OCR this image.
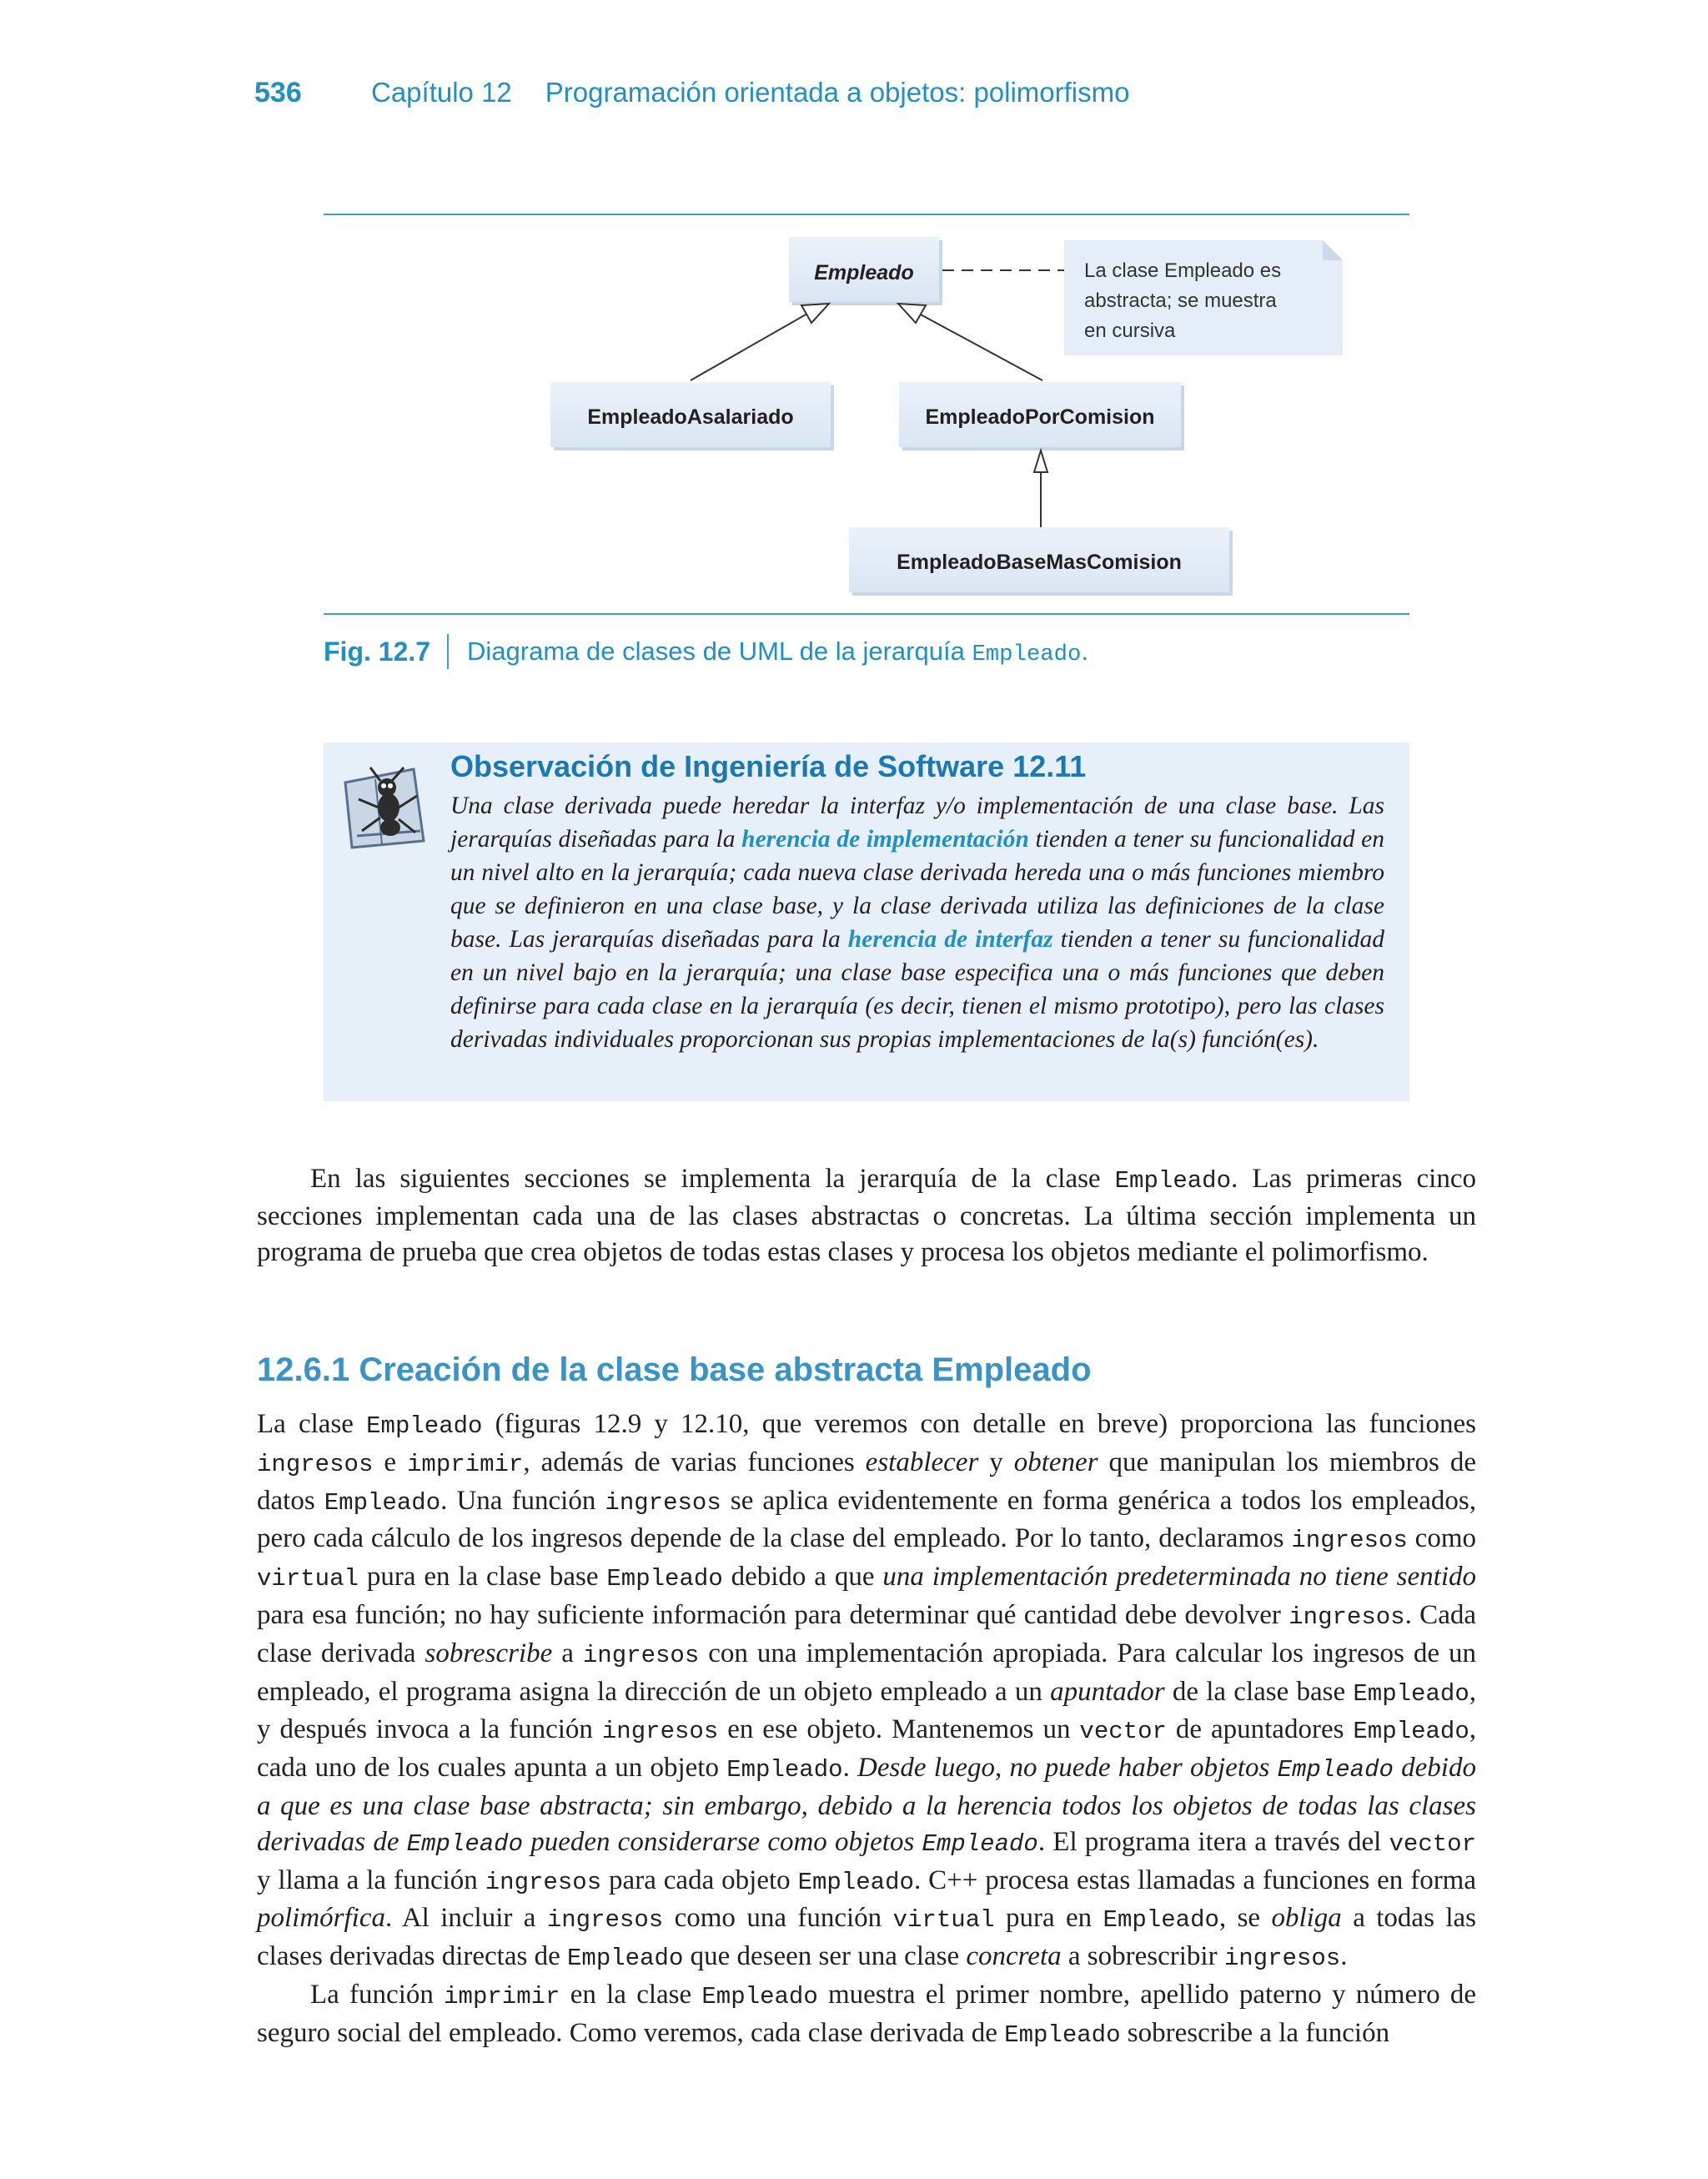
536	Capítulo 12 Programación orientada a objetos: polimorfismo
Empleado	La clase Empleado es
abstracta; se muestra
en cursiva
EmpleadoAsalariado	EmpleadoPorComision
EmpleadoBaseMasComision
Fig. 12.7 Diagrama de clases de UML de la jerarquía Empleado.
Observación de Ingeniería de Software 12.11
Una clase derivada puede heredar la interfaz y/o implementación de una clase base. Las jerarquías diseñadas para la herencia de implementación tienden a tener su funcionalidad en un nivel alto en la jerarquía; cada nueva clase derivada hereda una o más funciones miembro que se definieron en una clase base, y la clase derivada utiliza las definiciones de la clase base. Las jerarquías diseñadas para la herencia de interfaz tienden a tener su funcionalidad en un nivel bajo en la jerarquía; una clase base especifica una o más funciones que deben definirse para cada clase en la jerarquía (es decir, tienen el mismo prototipo), pero las clases derivadas individuales proporcionan sus propias implementaciones de la(s) función(es).

En las siguientes secciones se implementa la jerarquía de la clase Empleado. Las primeras cinco secciones implementan cada una de las clases abstractas o concretas. La última sección implementa un programa de prueba que crea objetos de todas estas clases y procesa los objetos mediante el polimorfismo.

12.6.1 Creación de la clase base abstracta Empleado

La clase Empleado (figuras 12.9 y 12.10, que veremos con detalle en breve) proporciona las funciones ingresos e imprimir, además de varias funciones establecer y obtener que manipulan los miembros de datos Empleado. Una función ingresos se aplica evidentemente en forma genérica a todos los empleados, pero cada cálculo de los ingresos depende de la clase del empleado. Por lo tanto, declaramos ingresos como virtual pura en la clase base Empleado debido a que una implementación predeterminada no tiene sentido para esa función; no hay suficiente información para determinar qué cantidad debe devolver ingresos. Cada clase derivada sobrescribe a ingresos con una implementación apropiada. Para calcular los ingresos de un empleado, el programa asigna la dirección de un objeto empleado a un apuntador de la clase base Empleado, y después invoca a la función ingresos en ese objeto. Mantenemos un vector de apuntadores Empleado, cada uno de los cuales apunta a un objeto Empleado. Desde luego, no puede haber objetos Empleado debido a que es una clase base abstracta; sin embargo, debido a la herencia todos los objetos de todas las clases derivadas de Empleado pueden considerarse como objetos Empleado. El programa itera a través del vector y llama a la función ingresos para cada objeto Empleado. C++ procesa estas llamadas a funciones en forma polimórfica. Al incluir a ingresos como una función virtual pura en Empleado, se obliga a todas las clases derivadas directas de Empleado que deseen ser una clase concreta a sobrescribir ingresos.

La función imprimir en la clase Empleado muestra el primer nombre, apellido paterno y número de seguro social del empleado. Como veremos, cada clase derivada de Empleado sobrescribe a la función
